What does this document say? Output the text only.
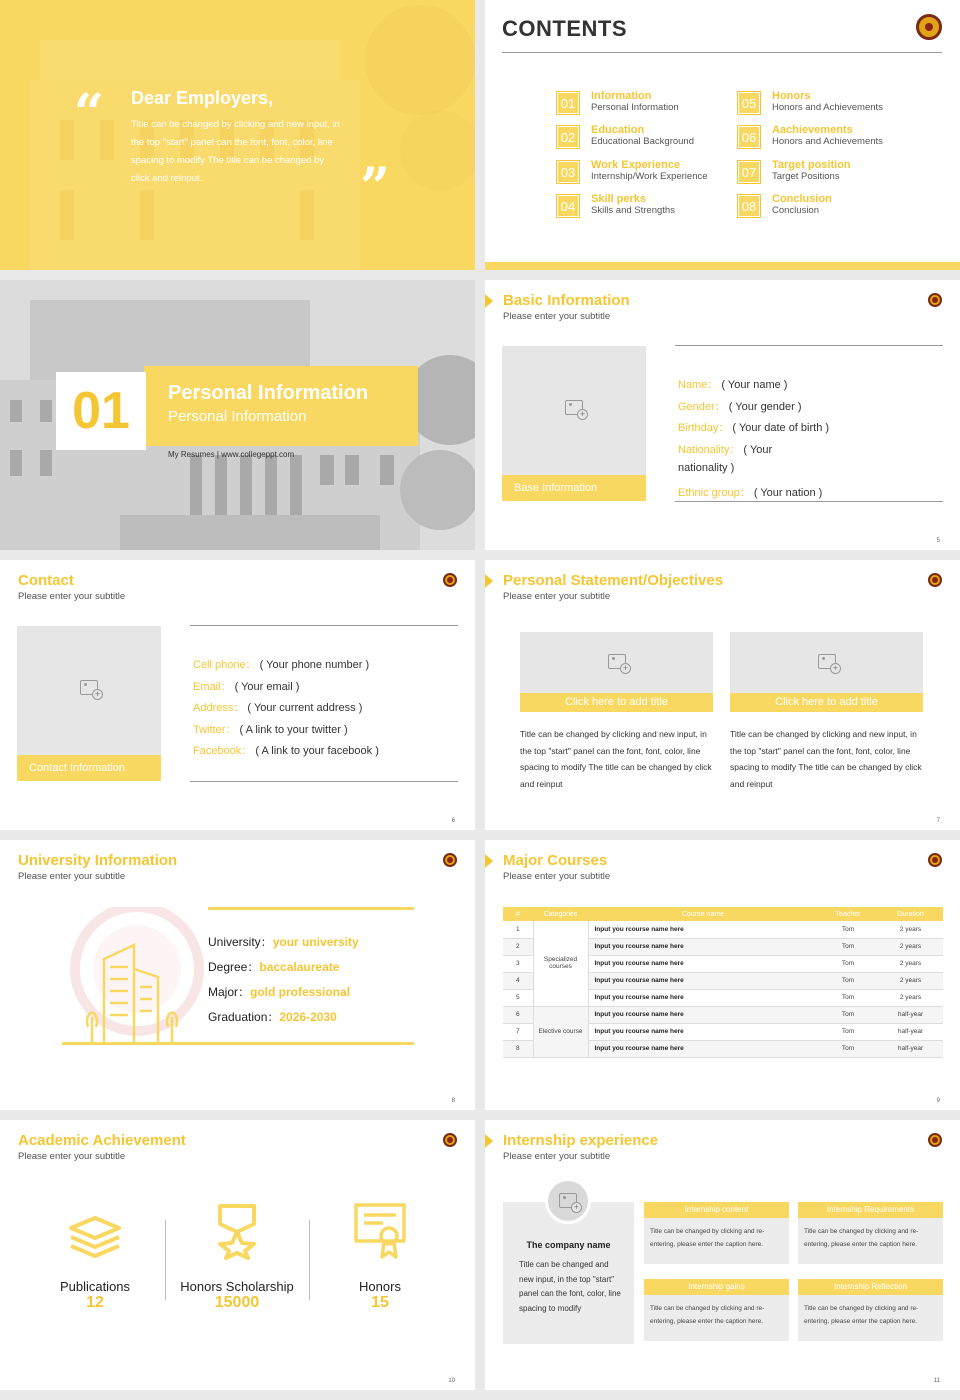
“ Dear Employers,
Title can be changed by clicking and new input, in the top "start" panel can the font, font, color, line spacing to modify The title can be changed by click and reinput.	”
CONTENTS
01	Information
Personal Information
02	Education
Educational Background
03	Work Experience
Internship/Work Experience
04	Skill perks
Skills and Strengths
05	Honors
Honors and Achievements
06	Aachievements
Honors and Achievements
07	Target position
Target Positions
08	Conclusion
Conclusion
01	Personal Information
Personal Information
My Resumes | www.collegeppt.com
Basic Information
Please enter your subtitle
+
Base Information
Name： ( Your name )
Gender： ( Your gender )
Birthday： ( Your date of birth )
Nationality： ( Your
nationality )
Ethnic group： ( Your nation )
5
Contact
Please enter your subtitle
+
Contact Information
Cell phone： ( Your phone number )
Email： ( Your email )
Address： ( Your current address )
Twitter： ( A link to your twitter )
Facebook： ( A link to your facebook )
6
Personal Statement/Objectives
Please enter your subtitle
+
Click here to add title
+	Click here to add title
Title can be changed by clicking and new input, in the top "start" panel can the font, font, color, line spacing to modify The title can be changed by click and reinput
Title can be changed by clicking and new input, in the top "start" panel can the font, font, color, line spacing to modify The title can be changed by click and reinput
7
University Information
Please enter your subtitle
University：your university
Degree：baccalaureate
Major：gold professional
Graduation：2026-2030
8
Major Courses
Please enter your subtitle
#	Categories	Course name	Teacher	Duration
1	Specialized courses	Input you rcourse name here	Tom	2 years
2		Input you rcourse name here	Tom	2 years
3		Input you rcourse name here	Tom	2 years
4		Input you rcourse name here	Tom	2 years
5		Input you rcourse name here	Tom	2 years
6	Elective course	Input you rcourse name here	Tom	half-year
7		Input you rcourse name here	Tom	half-year
8		Input you rcourse name here	Tom	half-year
9
Academic Achievement
Please enter your subtitle
Publications
12
Honors Scholarship
15000
Honors
15
10
Internship experience
Please enter your subtitle
+
The company name
Title can be changed and new input, in the top "start" panel can the font, color, line spacing to modify
Internship content
Title can be changed by clicking and re-entering, please enter the caption here.
Internship Requirements
Title can be changed by clicking and re-entering, please enter the caption here.
Internship gains
Title can be changed by clicking and re-entering, please enter the caption here.
Internship Reflection
Title can be changed by clicking and re-entering, please enter the caption here.
11
